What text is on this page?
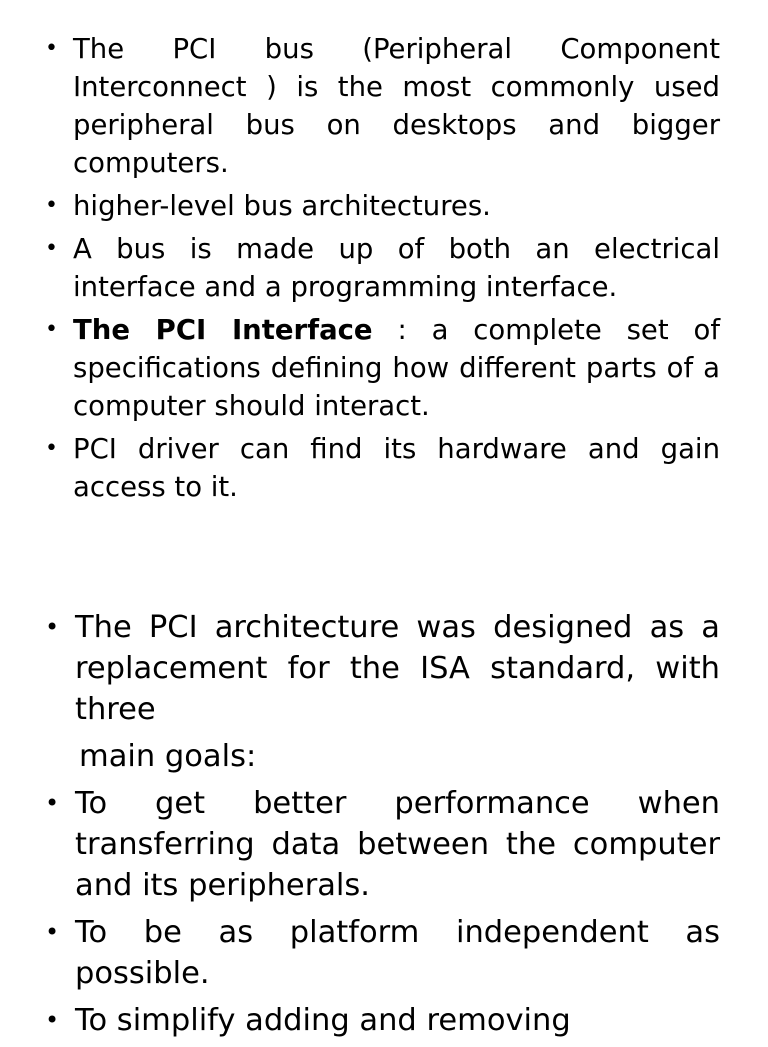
• The PCI bus (Peripheral Component Interconnect ) is the most commonly used peripheral bus on desktops and bigger computers.
• higher-level bus architectures.
• A bus is made up of both an electrical interface and a programming interface.
• The PCI Interface : a complete set of specifications defining how different parts of a computer should interact.
• PCI driver can find its hardware and gain access to it.
• The PCI architecture was designed as a replacement for the ISA standard, with three
main goals:
• To get better performance when transferring data between the computer and its peripherals.
• To be as platform independent as possible.
• To simplify adding and removing
